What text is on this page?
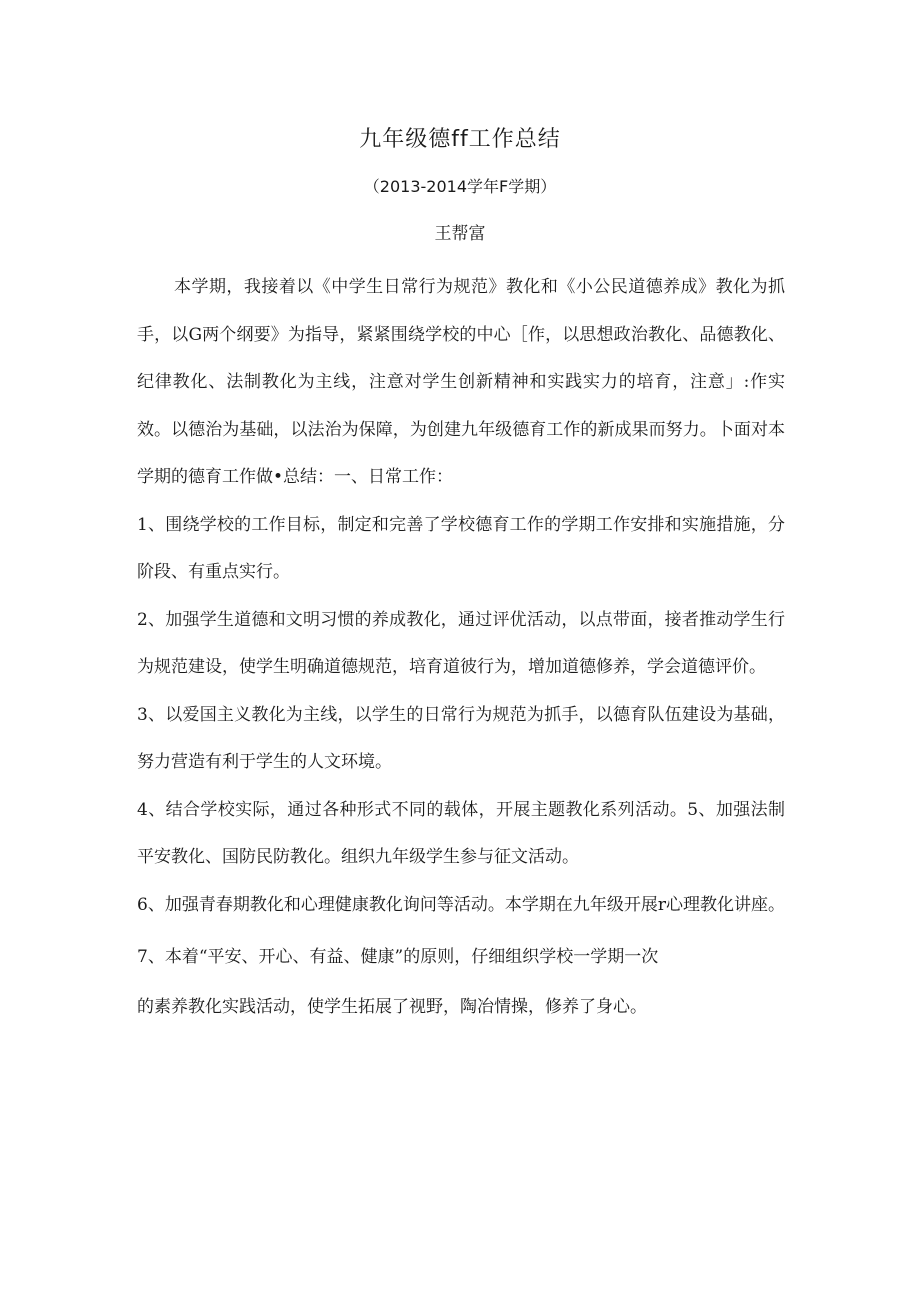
九年级德ff工作总结
（2013-2014学年F学期）
王帮富

本学期，我接着以《中学生日常行为规范》教化和《小公民道德养成》教化为抓手，以G两个纲要》为指导，紧紧围绕学校的中心［作，以思想政治教化、品德教化、纪律教化、法制教化为主线，注意对学生创新精神和实践实力的培育，注意」:作实效。以德治为基础，以法治为保障，为创建九年级德育工作的新成果而努力。卜面对本学期的德育工作做•总结：一、日常工作：

1、围绕学校的工作目标，制定和完善了学校德育工作的学期工作安排和实施措施，分阶段、有重点实行。

2、加强学生道德和文明习惯的养成教化，通过评优活动，以点带面，接者推动学生行为规范建设，使学生明确道德规范，培育道彼行为，增加道德修养，学会道德评价。

3、以爱国主义教化为主线，以学生的日常行为规范为抓手，以德育队伍建设为基础，努力营造有利于学生的人文环境。

4、结合学校实际，通过各种形式不同的载体，开展主题教化系列活动。5、加强法制平安教化、国防民防教化。组织九年级学生参与征文活动。

6、加强青春期教化和心理健康教化询问等活动。本学期在九年级开展r心理教化讲座。

7、本着“平安、开心、有益、健康”的原则，仔细组织学校一学期一次

的素养教化实践活动，使学生拓展了视野，陶冶情操，修养了身心。
